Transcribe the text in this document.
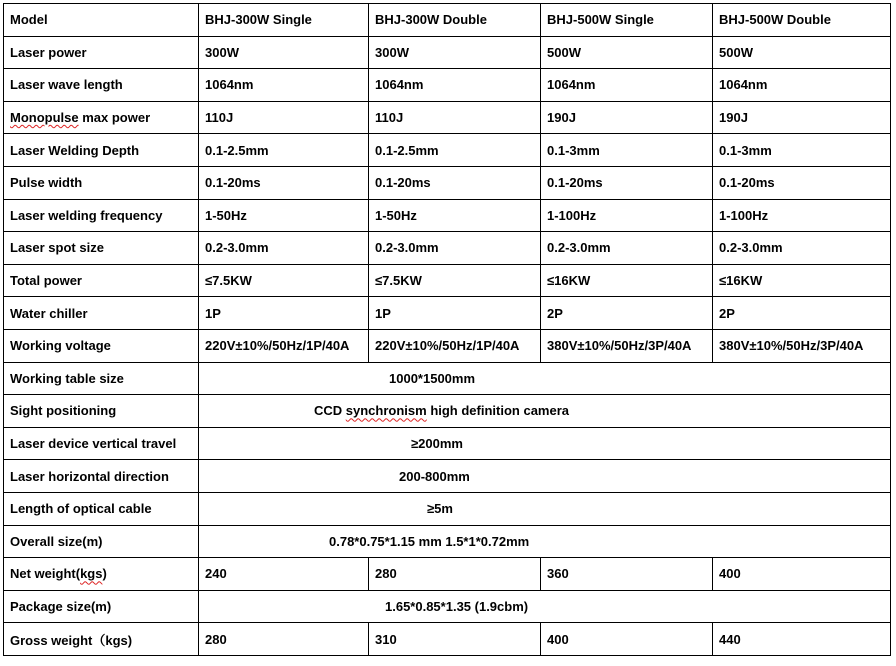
Model	BHJ-300W Single	BHJ-300W Double	BHJ-500W Single	BHJ-500W Double
Laser power	300W	300W	500W	500W
Laser wave length	1064nm	1064nm	1064nm	1064nm
Monopulse max power	110J	110J	190J	190J
Laser Welding Depth	0.1-2.5mm	0.1-2.5mm	0.1-3mm	0.1-3mm
Pulse width	0.1-20ms	0.1-20ms	0.1-20ms	0.1-20ms
Laser welding frequency	1-50Hz	1-50Hz	1-100Hz	1-100Hz
Laser spot size	0.2-3.0mm	0.2-3.0mm	0.2-3.0mm	0.2-3.0mm
Total power	≤7.5KW	≤7.5KW	≤16KW	≤16KW
Water chiller	1P	1P	2P	2P
Working voltage	220V±10%/50Hz/1P/40A	220V±10%/50Hz/1P/40A	380V±10%/50Hz/3P/40A	380V±10%/50Hz/3P/40A
Working table size	1000*1500mm			
Sight positioning	CCD synchronism high definition camera			
Laser device vertical travel	≥200mm			
Laser horizontal direction	200-800mm			
Length of optical cable	≥5m			
Overall size(m)	0.78*0.75*1.15 mm 1.5*1*0.72mm			
Net weight(kgs)	240	280	360	400
Package size(m)	1.65*0.85*1.35 (1.9cbm)			
Gross weight（kgs)	280	310	400	440
